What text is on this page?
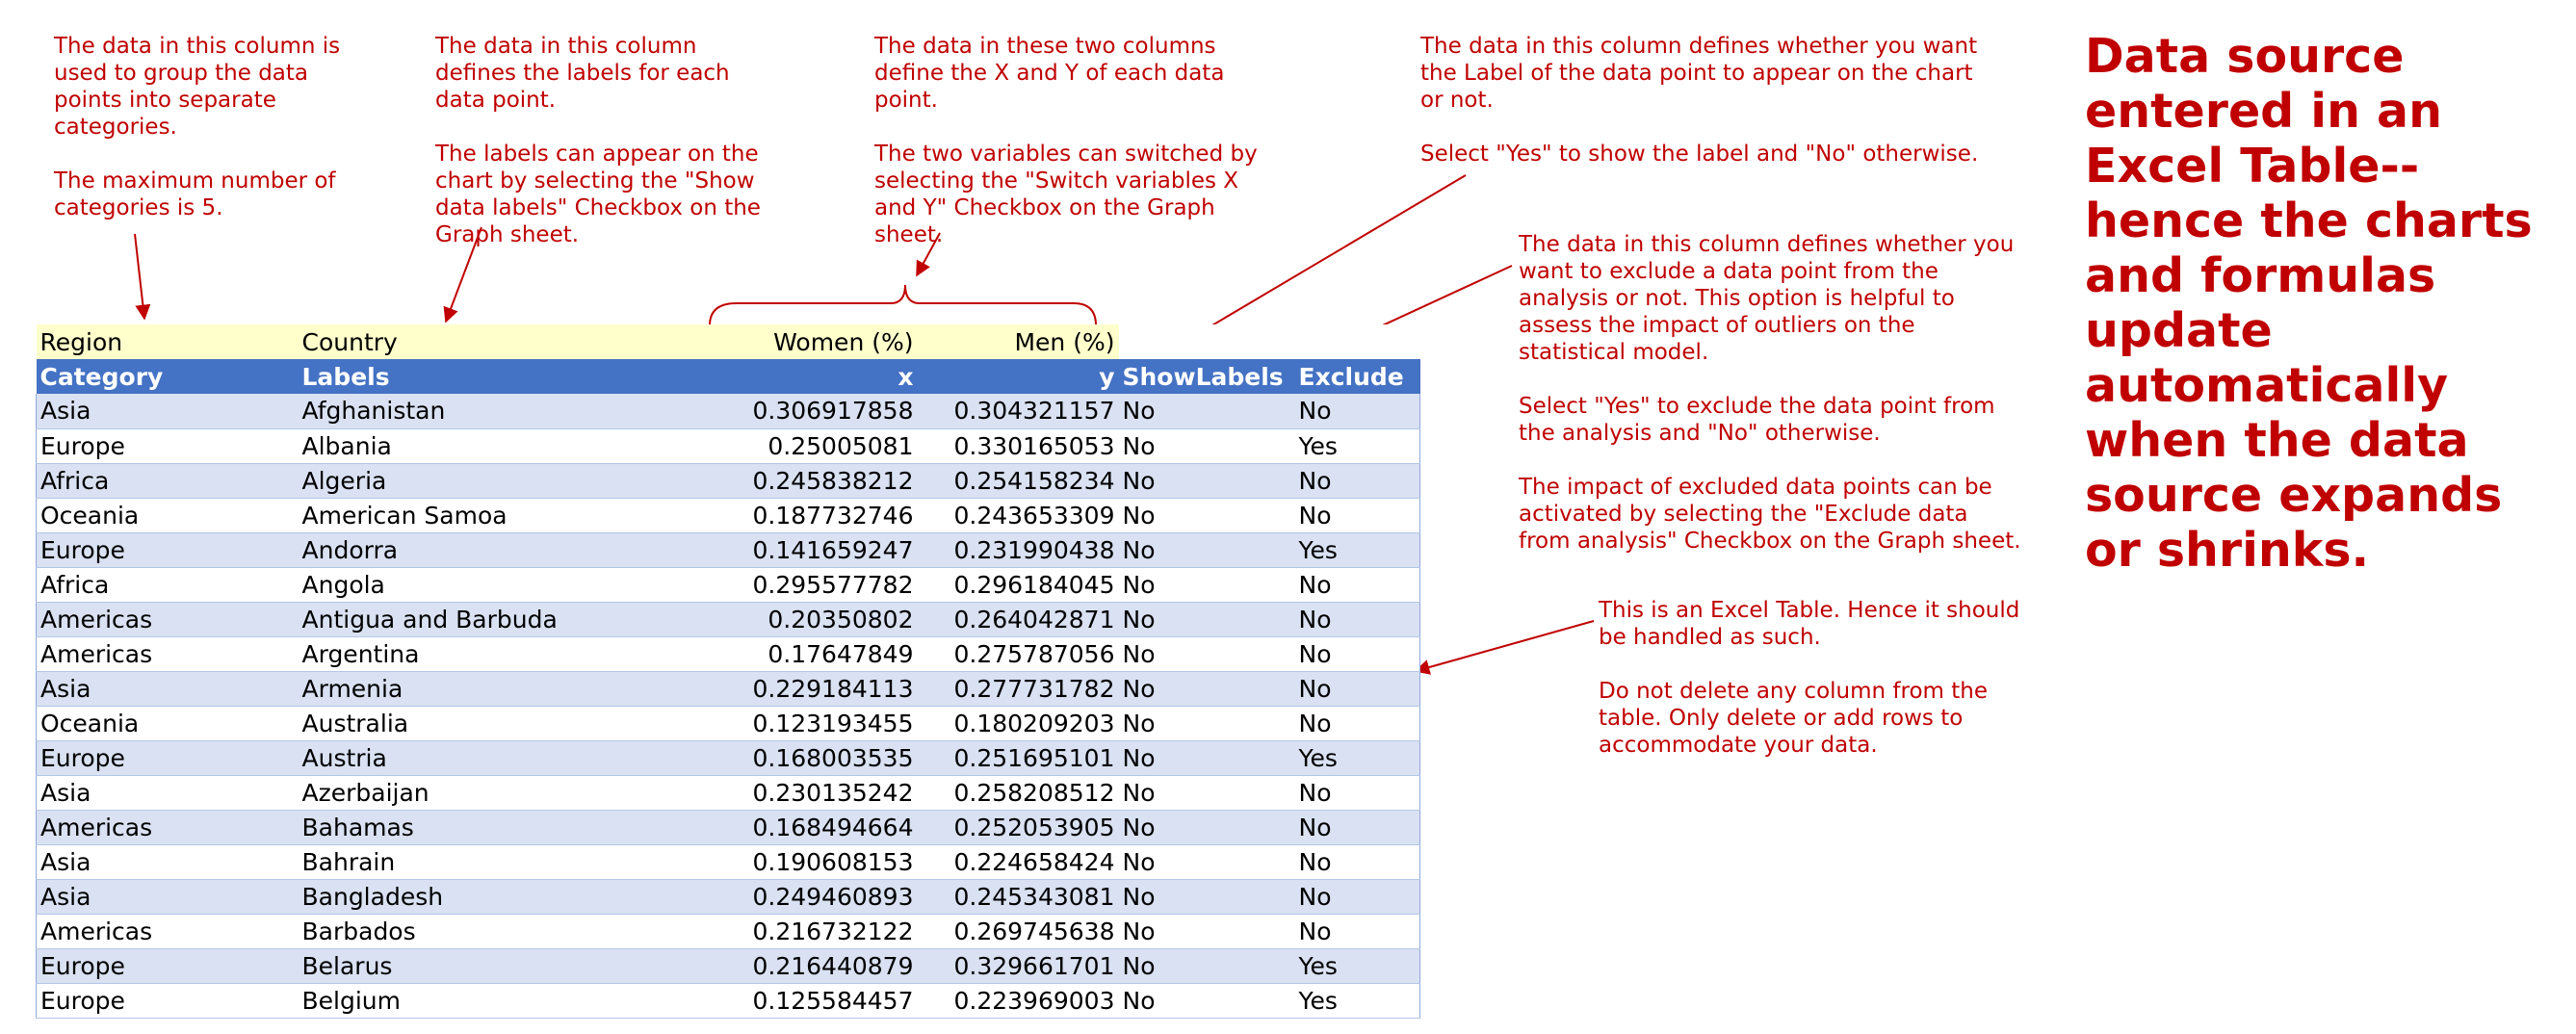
The data in this column is used to group the data points into separate categories.

The maximum number of categories is 5.

The data in this column defines the labels for each data point.

The labels can appear on the chart by selecting the "Show data labels" Checkbox on the Graph sheet.

The data in these two columns define the X and Y of each data point.

The two variables can switched by selecting the "Switch variables X and Y" Checkbox on the Graph sheet.

The data in this column defines whether you want the Label of the data point to appear on the chart or not.

Select "Yes" to show the label and "No" otherwise.

The data in this column defines whether you want to exclude a data point from the analysis or not. This option is helpful to assess the impact of outliers on the statistical model.

Select "Yes" to exclude the data point from the analysis and "No" otherwise.

The impact of excluded data points can be activated by selecting the "Exclude data from analysis" Checkbox on the Graph sheet.

This is an Excel Table. Hence it should be handled as such.

Do not delete any column from the table. Only delete or add rows to accommodate your data.

Data source entered in an Excel Table--hence the charts and formulas update automatically when the data source expands or shrinks.

Region	Country	Women (%)	Men (%)		
Category	Labels	x	y	ShowLabels	Exclude
Asia	Afghanistan	0.306917858	0.304321157	No	No
Europe	Albania	0.25005081	0.330165053	No	Yes
Africa	Algeria	0.245838212	0.254158234	No	No
Oceania	American Samoa	0.187732746	0.243653309	No	No
Europe	Andorra	0.141659247	0.231990438	No	Yes
Africa	Angola	0.295577782	0.296184045	No	No
Americas	Antigua and Barbuda	0.20350802	0.264042871	No	No
Americas	Argentina	0.17647849	0.275787056	No	No
Asia	Armenia	0.229184113	0.277731782	No	No
Oceania	Australia	0.123193455	0.180209203	No	No
Europe	Austria	0.168003535	0.251695101	No	Yes
Asia	Azerbaijan	0.230135242	0.258208512	No	No
Americas	Bahamas	0.168494664	0.252053905	No	No
Asia	Bahrain	0.190608153	0.224658424	No	No
Asia	Bangladesh	0.249460893	0.245343081	No	No
Americas	Barbados	0.216732122	0.269745638	No	No
Europe	Belarus	0.216440879	0.329661701	No	Yes
Europe	Belgium	0.125584457	0.223969003	No	Yes
